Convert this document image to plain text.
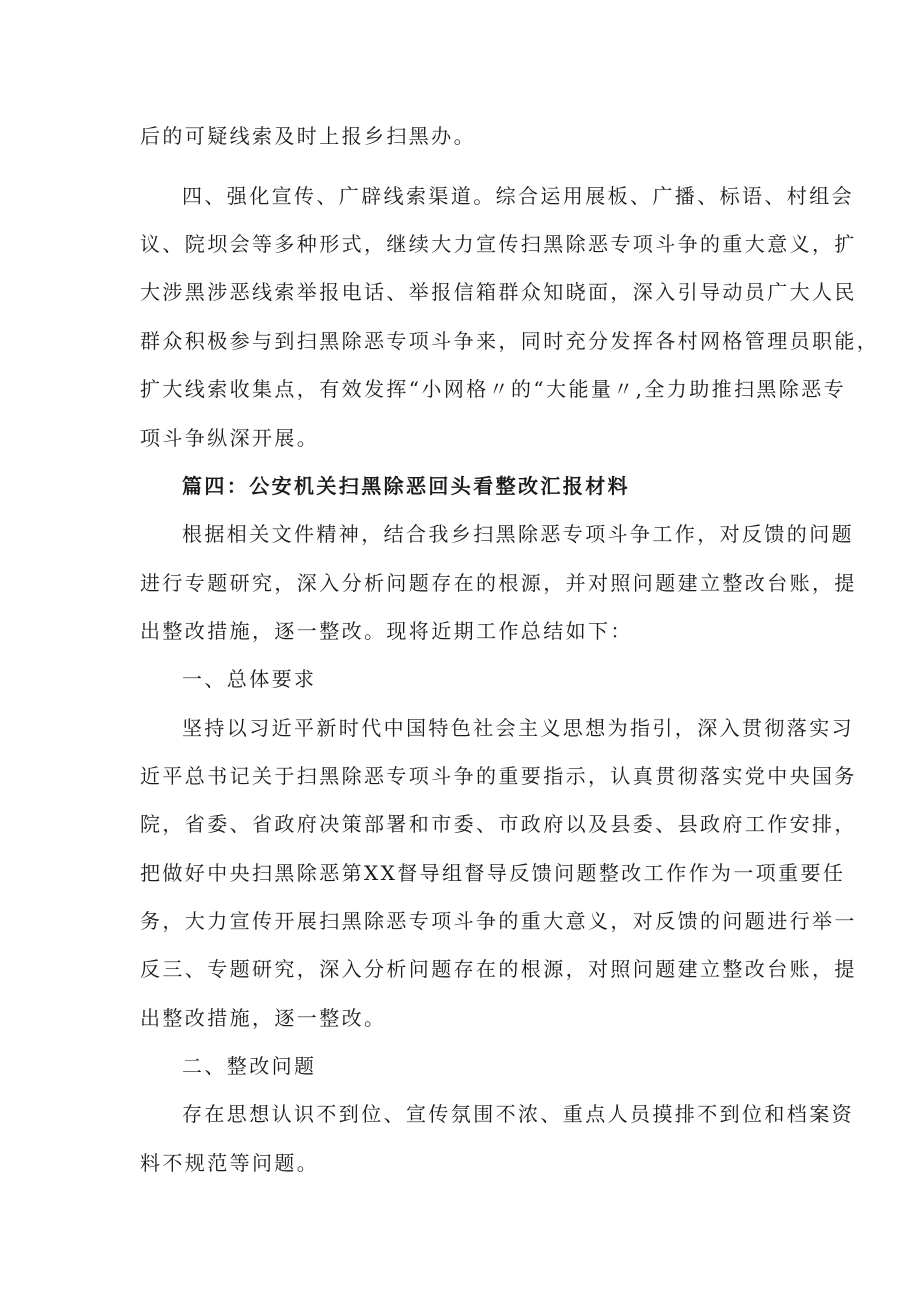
后的可疑线索及时上报乡扫黑办。
四、强化宣传、广辟线索渠道。综合运用展板、广播、标语、村组会
议、院坝会等多种形式，继续大力宣传扫黑除恶专项斗争的重大意义，扩
大涉黑涉恶线索举报电话、举报信箱群众知晓面，深入引导动员广大人民
群众积极参与到扫黑除恶专项斗争来，同时充分发挥各村网格管理员职能，
扩大线索收集点，有效发挥“小网格〃的“大能量〃,全力助推扫黑除恶专
项斗争纵深开展。
篇四：公安机关扫黑除恶回头看整改汇报材料
根据相关文件精神，结合我乡扫黑除恶专项斗争工作，对反馈的问题
进行专题研究，深入分析问题存在的根源，并对照问题建立整改台账，提
出整改措施，逐一整改。现将近期工作总结如下：
一、总体要求
坚持以习近平新时代中国特色社会主义思想为指引，深入贯彻落实习
近平总书记关于扫黑除恶专项斗争的重要指示，认真贯彻落实党中央国务
院，省委、省政府决策部署和市委、市政府以及县委、县政府工作安排，
把做好中央扫黑除恶第XX督导组督导反馈问题整改工作作为一项重要任
务，大力宣传开展扫黑除恶专项斗争的重大意义，对反馈的问题进行举一
反三、专题研究，深入分析问题存在的根源，对照问题建立整改台账，提
出整改措施，逐一整改。
二、整改问题
存在思想认识不到位、宣传氛围不浓、重点人员摸排不到位和档案资
料不规范等问题。
